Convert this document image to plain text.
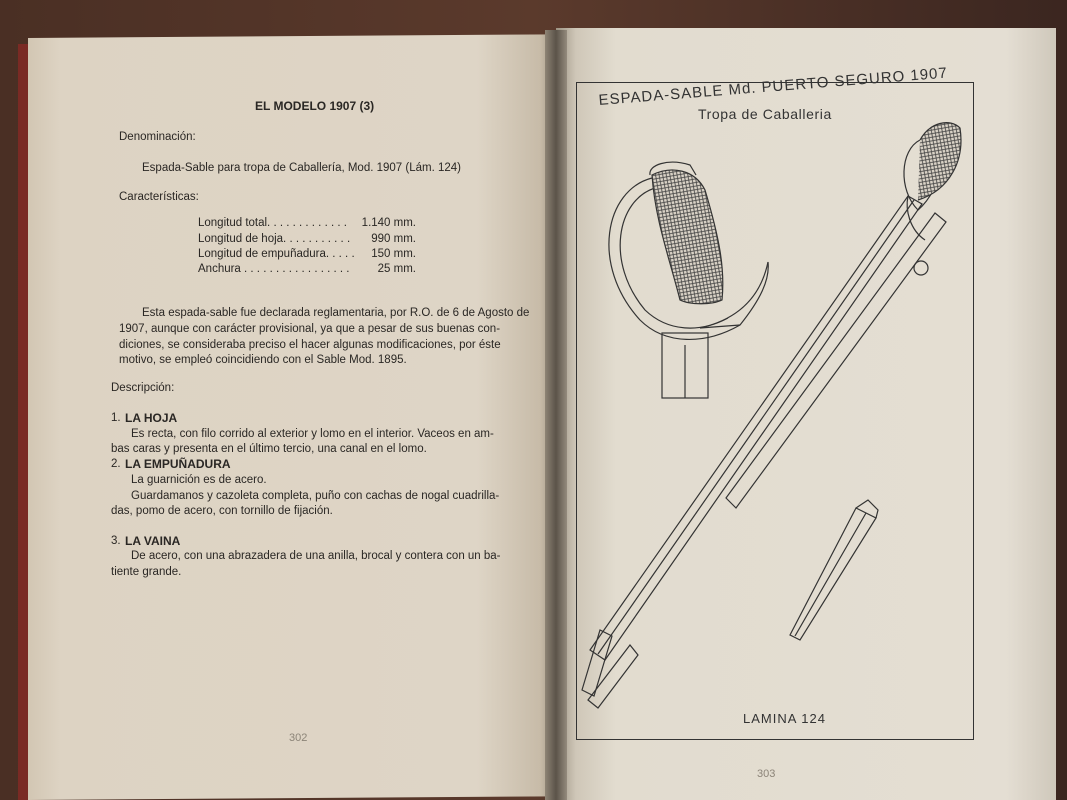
EL MODELO 1907 (3)
Denominación:
Espada-Sable para tropa de Caballería, Mod. 1907 (Lám. 124)
Características:
Longitud total. . . . . . . . . . . . . 1.140 mm.
Longitud de hoja. . . . . . . . . . .	990 mm.
Longitud de empuñadura. . . . .	150 mm.
Anchura . . . . . . . . . . . . . . . . .	25 mm.
Esta espada-sable fue declarada reglamentaria, por R.O. de 6 de Agosto de
1907, aunque con carácter provisional, ya que a pesar de sus buenas con-
diciones, se consideraba preciso el hacer algunas modificaciones, por éste
motivo, se empleó coincidiendo con el Sable Mod. 1895.
Descripción:
1. LA HOJA
Es recta, con filo corrido al exterior y lomo en el interior. Vaceos en am-
bas caras y presenta en el último tercio, una canal en el lomo.
2. LA EMPUÑADURA
La guarnición es de acero.
Guardamanos y cazoleta completa, puño con cachas de nogal cuadrilla-
das, pomo de acero, con tornillo de fijación.
3. LA VAINA
De acero, con una abrazadera de una anilla, brocal y contera con un ba-
tiente grande.
302
ESPADA-SABLE Md. PUERTO SEGURO 1907
Tropa de Caballeria
LAMINA 124
303
